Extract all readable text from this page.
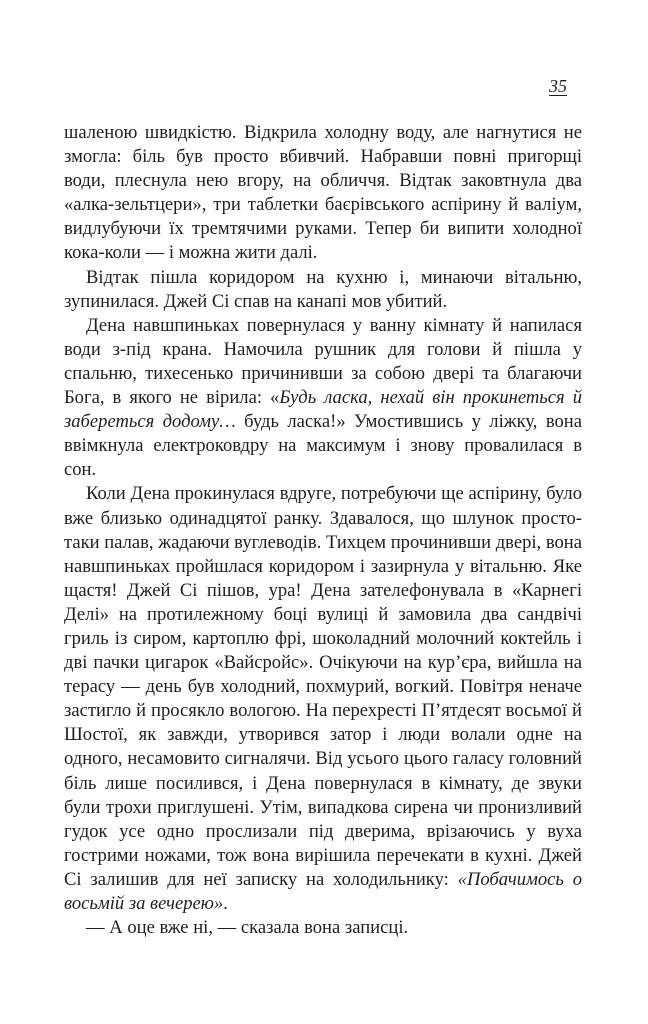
35

шаленою швидкістю. Відкрила холодну воду, але нагнутися не змогла: біль був просто вбивчий. Набравши повні пригорщі води, плеснула нею вгору, на обличчя. Відтак заковтнула два «алка-зельтцери», три таблетки баєрівського аспірину й валіум, видлубуючи їх тремтячими руками. Тепер би випити холодної кока-коли — і можна жити далі.

Відтак пішла коридором на кухню і, минаючи вітальню, зупинилася. Джей Сі спав на канапі мов убитий.

Дена навшпиньках повернулася у ванну кімнату й напилася води з-під крана. Намочила рушник для голови й пішла у спальню, тихесенько причинивши за собою двері та благаючи Бога, в якого не вірила: «Будь ласка, нехай він прокинеться й забереться додому… будь ласка!» Умостившись у ліжку, вона ввімкнула електроковдру на максимум і знову провалилася в сон.

Коли Дена прокинулася вдруге, потребуючи ще аспірину, було вже близько одинадцятої ранку. Здавалося, що шлунок просто-таки палав, жадаючи вуглеводів. Тихцем прочинивши двері, вона навшпиньках пройшлася коридором і зазирнула у вітальню. Яке щастя! Джей Сі пішов, ура! Дена зателефонувала в «Карнегі Делі» на протилежному боці вулиці й замовила два сандвічі гриль із сиром, картоплю фрі, шоколадний молочний коктейль і дві пачки цигарок «Вайсройс». Очікуючи на кур’єра, вийшла на терасу — день був холодний, похмурий, вогкий. Повітря неначе застигло й просякло вологою. На перехресті П’ятдесят восьмої й Шостої, як завжди, утворився затор і люди волали одне на одного, несамовито сигналячи. Від усього цього галасу головний біль лише посилився, і Дена повернулася в кімнату, де звуки були трохи приглушені. Утім, випадкова сирена чи пронизливий гудок усе одно прослизали під дверима, врізаючись у вуха гострими ножами, тож вона вирішила перечекати в кухні. Джей Сі залишив для неї записку на холодильнику: «Побачимось о восьмій за вечерею».

— А оце вже ні, — сказала вона записці.
